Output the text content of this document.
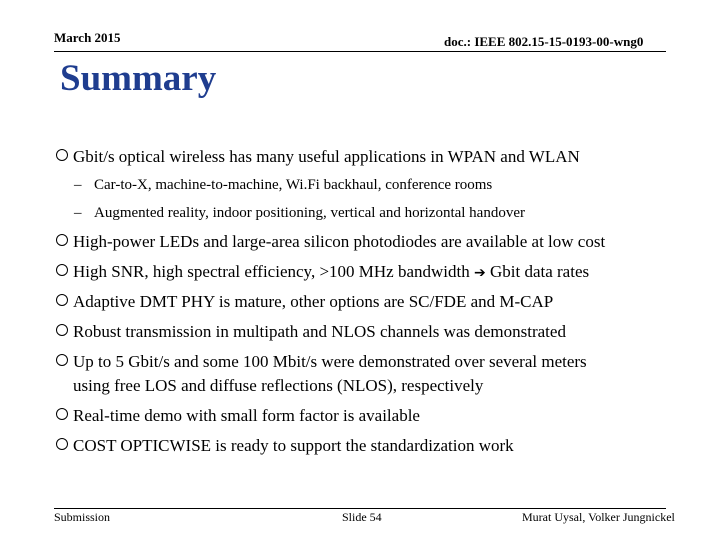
March 2015	doc.: IEEE 802.15-15-0193-00-wng0
Summary
Gbit/s optical wireless has many useful applications in WPAN and WLAN
– Car-to-X, machine-to-machine, Wi.Fi backhaul, conference rooms
– Augmented reality, indoor positioning, vertical and horizontal handover
High-power LEDs and large-area silicon photodiodes are available at low cost
High SNR, high spectral efficiency, >100 MHz bandwidth ➔ Gbit data rates
Adaptive DMT PHY is mature, other options are SC/FDE and M-CAP
Robust transmission in multipath and NLOS channels was demonstrated
Up to 5 Gbit/s and some 100 Mbit/s were demonstrated over several meters
using free LOS and diffuse reflections (NLOS), respectively
Real-time demo with small form factor is available
COST OPTICWISE is ready to support the standardization work
Submission	Slide 54	Murat Uysal, Volker Jungnickel
